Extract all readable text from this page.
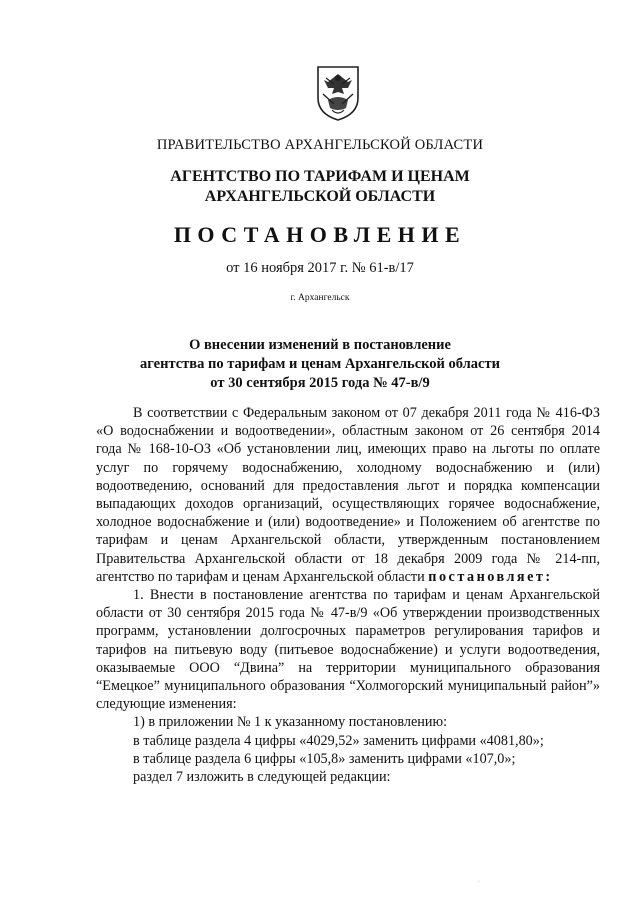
ПРАВИТЕЛЬСТВО АРХАНГЕЛЬСКОЙ ОБЛАСТИ
АГЕНТСТВО ПО ТАРИФАМ И ЦЕНАМ
АРХАНГЕЛЬСКОЙ ОБЛАСТИ
ПОСТАНОВЛЕНИЕ
от 16 ноября 2017 г. № 61-в/17
г. Архангельск
О внесении изменений в постановление
агентства по тарифам и ценам Архангельской области
от 30 сентября 2015 года № 47-в/9

В соответствии с Федеральным законом от 07 декабря 2011 года № 416-ФЗ «О водоснабжении и водоотведении», областным законом от 26 сентября 2014 года № 168-10-ОЗ «Об установлении лиц, имеющих право на льготы по оплате услуг по горячему водоснабжению, холодному водоснабжению и (или) водоотведению, оснований для предоставления льгот и порядка компенсации выпадающих доходов организаций, осуществляющих горячее водоснабжение, холодное водоснабжение и (или) водоотведение» и Положением об агентстве по тарифам и ценам Архангельской области, утвержденным постановлением Правительства Архангельской области от 18 декабря 2009 года № 214-пп, агентство по тарифам и ценам Архангельской области постановляет:

1. Внести в постановление агентства по тарифам и ценам Архангельской области от 30 сентября 2015 года № 47-в/9 «Об утверждении производственных программ, установлении долгосрочных параметров регулирования тарифов и тарифов на питьевую воду (питьевое водоснабжение) и услуги водоотведения, оказываемые ООО “Двина” на территории муниципального образования “Емецкое” муниципального образования “Холмогорский муниципальный район”» следующие изменения:

1) в приложении № 1 к указанному постановлению:

в таблице раздела 4 цифры «4029,52» заменить цифрами «4081,80»;

в таблице раздела 6 цифры «105,8» заменить цифрами «107,0»;

раздел 7 изложить в следующей редакции:

·
